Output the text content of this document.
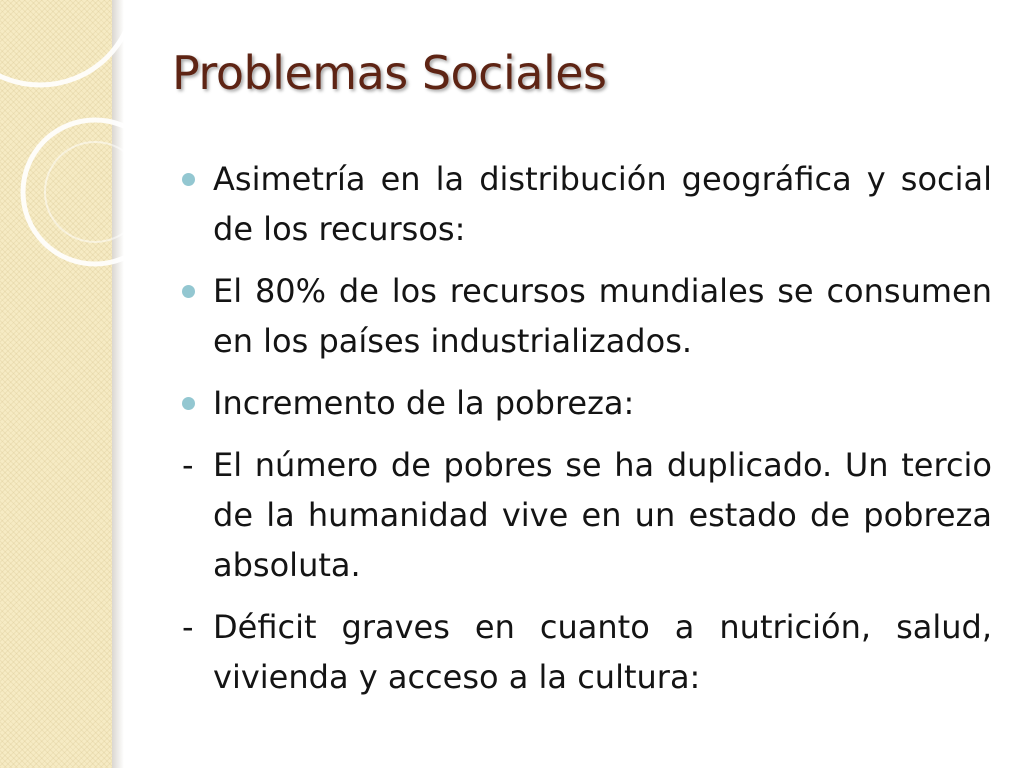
Problemas Sociales
Asimetría en la distribución geográfica y social de los recursos:
El 80% de los recursos mundiales se consumen en los países industrializados.
Incremento de la pobreza:
- El número de pobres se ha duplicado. Un tercio de la humanidad vive en un estado de pobreza absoluta.
- Déficit graves en cuanto a nutrición, salud, vivienda y acceso a la cultura:
